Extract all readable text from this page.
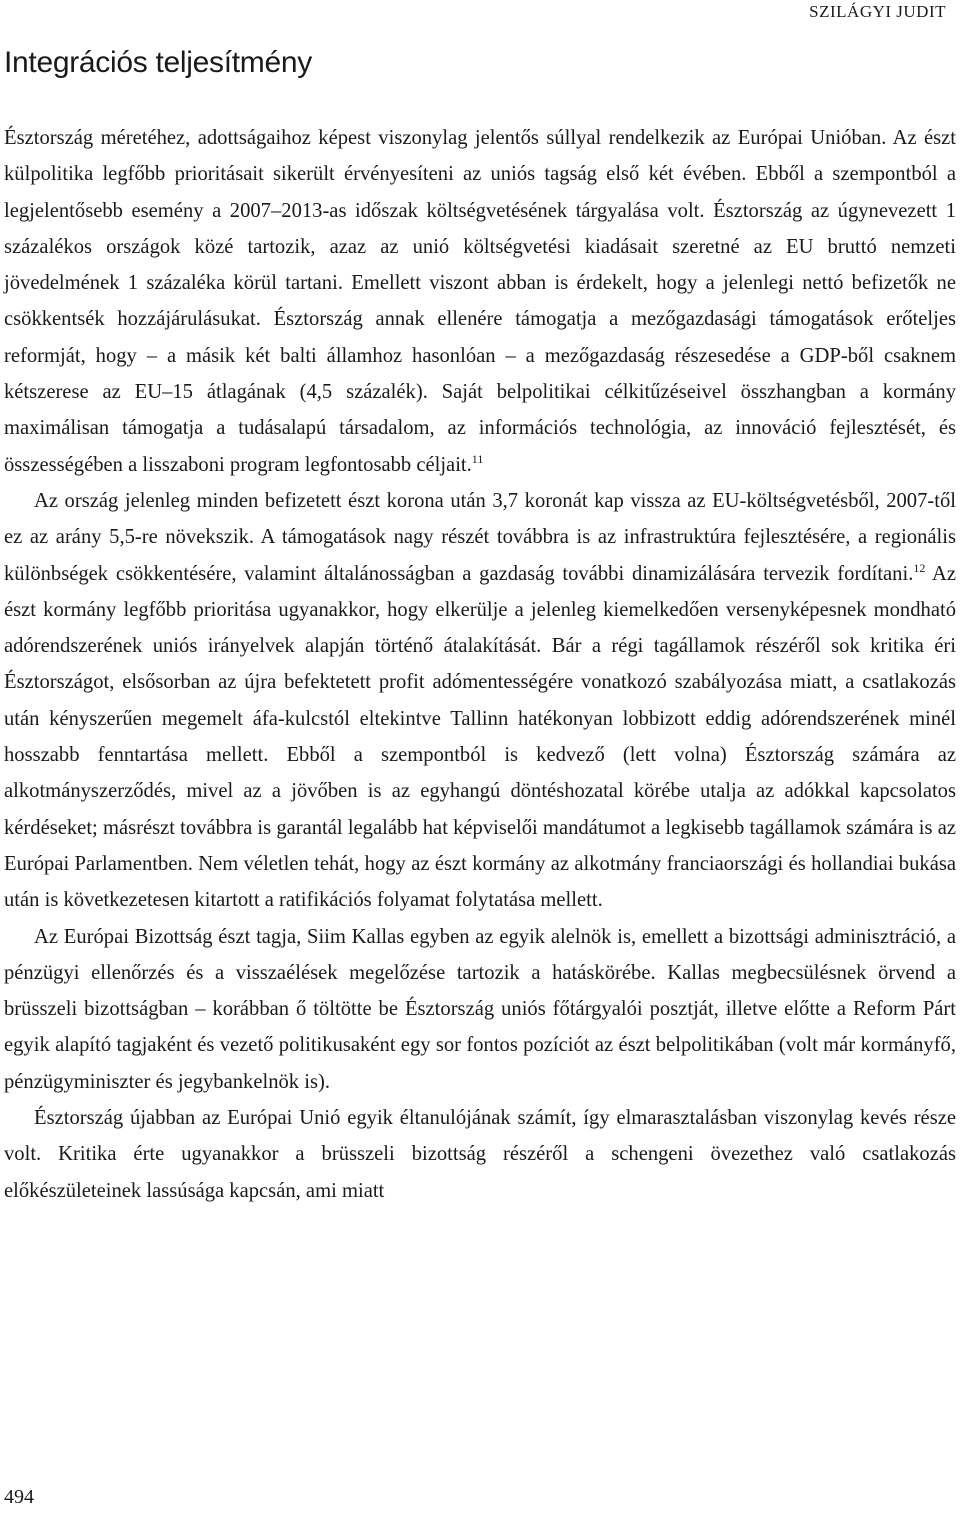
SZILÁGYI JUDIT
Integrációs teljesítmény

Észtország méretéhez, adottságaihoz képest viszonylag jelentős súllyal rendelkezik az Európai Unióban. Az észt külpolitika legfőbb prioritásait sikerült érvényesíteni az uniós tagság első két évében. Ebből a szempontból a legjelentősebb esemény a 2007–2013-as időszak költségvetésének tárgyalása volt. Észtország az úgynevezett 1 százalékos országok közé tartozik, azaz az unió költségvetési kiadásait szeretné az EU bruttó nemzeti jövedelmének 1 százaléka körül tartani. Emellett viszont abban is érdekelt, hogy a jelenlegi nettó befizetők ne csökkentsék hozzájárulásukat. Észtország annak ellenére támogatja a mezőgazdasági támogatások erőteljes reformját, hogy – a másik két balti államhoz hasonlóan – a mezőgazdaság részesedése a GDP-ből csaknem kétszerese az EU–15 átlagának (4,5 százalék). Saját belpolitikai célkitűzéseivel összhangban a kormány maximálisan támogatja a tudásalapú társadalom, az információs technológia, az innováció fejlesztését, és összességében a lisszaboni program legfontosabb céljait.$^{11}$

Az ország jelenleg minden befizetett észt korona után 3,7 koronát kap vissza az EU-költségvetésből, 2007-től ez az arány 5,5-re növekszik. A támogatások nagy részét továbbra is az infrastruktúra fejlesztésére, a regionális különbségek csökkentésére, valamint általánosságban a gazdaság további dinamizálására tervezik fordítani.$^{12}$ Az észt kormány legfőbb prioritása ugyanakkor, hogy elkerülje a jelenleg kiemelkedően versenyképesnek mondható adórendszerének uniós irányelvek alapján történő átalakítását. Bár a régi tagállamok részéről sok kritika éri Észtországot, elsősorban az újra befektetett profit adómentességére vonatkozó szabályozása miatt, a csatlakozás után kényszerűen megemelt áfa-kulcstól eltekintve Tallinn hatékonyan lobbizott eddig adórendszerének minél hosszabb fenntartása mellett. Ebből a szempontból is kedvező (lett volna) Észtország számára az alkotmányszerződés, mivel az a jövőben is az egyhangú döntéshozatal körébe utalja az adókkal kapcsolatos kérdéseket; másrészt továbbra is garantál legalább hat képviselői mandátumot a legkisebb tagállamok számára is az Európai Parlamentben. Nem véletlen tehát, hogy az észt kormány az alkotmány franciaországi és hollandiai bukása után is következetesen kitartott a ratifikációs folyamat folytatása mellett.

Az Európai Bizottság észt tagja, Siim Kallas egyben az egyik alelnök is, emellett a bizottsági adminisztráció, a pénzügyi ellenőrzés és a visszaélések megelőzése tartozik a hatáskörébe. Kallas megbecsülésnek örvend a brüsszeli bizottságban – korábban ő töltötte be Észtország uniós főtárgyalói posztját, illetve előtte a Reform Párt egyik alapító tagjaként és vezető politikusaként egy sor fontos pozíciót az észt belpolitikában (volt már kormányfő, pénzügyminiszter és jegybankelnök is).

Észtország újabban az Európai Unió egyik éltanulójának számít, így elmarasztalásban viszonylag kevés része volt. Kritika érte ugyanakkor a brüsszeli bizottság részéről a schengeni övezethez való csatlakozás előkészületeinek lassúsága kapcsán, ami miatt

494
